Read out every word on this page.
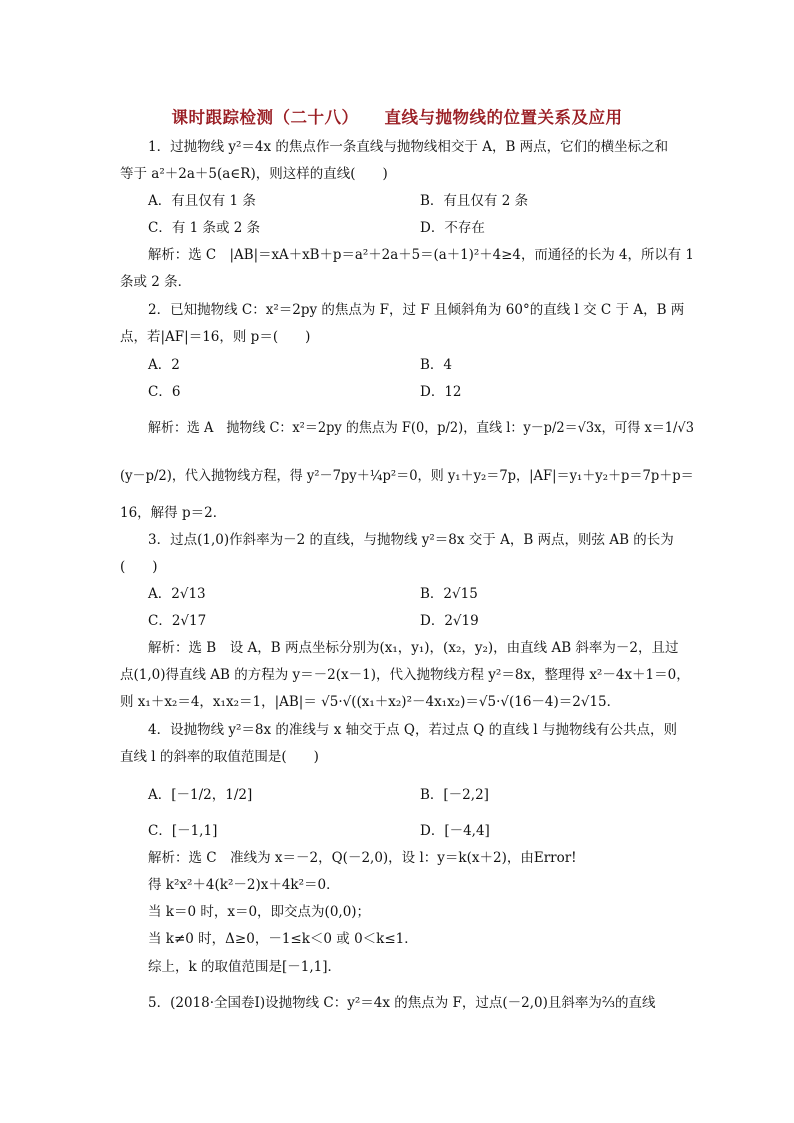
课时跟踪检测（二十八） 直线与抛物线的位置关系及应用
1．过抛物线 y²＝4x 的焦点作一条直线与抛物线相交于 A，B 两点，它们的横坐标之和
等于 a²＋2a＋5(a∈R)，则这样的直线(　　)
A．有且仅有 1 条	B．有且仅有 2 条
C．有 1 条或 2 条	D．不存在
解析：选 C　|AB|＝xA＋xB＋p＝a²＋2a＋5＝(a＋1)²＋4≥4，而通径的长为 4，所以有 1
条或 2 条．
2．已知抛物线 C：x²＝2py 的焦点为 F，过 F 且倾斜角为 60°的直线 l 交 C 于 A，B 两
点，若|AF|＝16，则 p＝(　　)
A．2	B．4
C．6	D．12
解析：选 A　抛物线 C：x²＝2py 的焦点为 F(0，p/2)，直线 l：y－p/2＝√3x，可得 x＝1/√3
(y－p/2)，代入抛物线方程，得 y²－7py＋¼p²＝0，则 y₁＋y₂＝7p，|AF|＝y₁＋y₂＋p＝7p＋p＝
16，解得 p＝2．
3．过点(1,0)作斜率为－2 的直线，与抛物线 y²＝8x 交于 A，B 两点，则弦 AB 的长为
(　　)
A．2√13	B．2√15
C．2√17	D．2√19
解析：选 B　设 A，B 两点坐标分别为(x₁，y₁)，(x₂，y₂)，由直线 AB 斜率为－2，且过
点(1,0)得直线 AB 的方程为 y＝－2(x－1)，代入抛物线方程 y²＝8x，整理得 x²－4x＋1＝0，
则 x₁＋x₂＝4，x₁x₂＝1，|AB|＝ √5·√((x₁＋x₂)²－4x₁x₂)＝√5·√(16－4)＝2√15．
4．设抛物线 y²＝8x 的准线与 x 轴交于点 Q，若过点 Q 的直线 l 与抛物线有公共点，则
直线 l 的斜率的取值范围是(　　)
A．[－1/2，1/2]	B．[－2,2]
C．[－1,1]	D．[－4,4]
解析：选 C　准线为 x＝－2，Q(－2,0)，设 l：y＝k(x＋2)，由Error!
得 k²x²＋4(k²－2)x＋4k²＝0．
当 k＝0 时，x＝0，即交点为(0,0)；
当 k≠0 时，Δ≥0，－1≤k＜0 或 0＜k≤1．
综上，k 的取值范围是[－1,1]．
5．(2018·全国卷Ⅰ)设抛物线 C：y²＝4x 的焦点为 F，过点(－2,0)且斜率为⅔的直线
